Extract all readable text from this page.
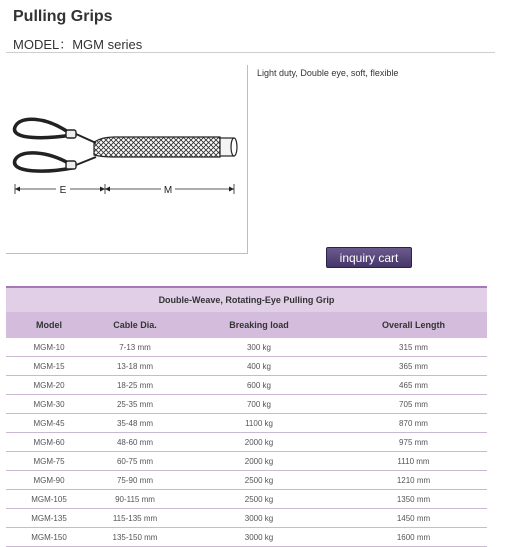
Pulling Grips
MODEL：MGM series
E	M
Light duty, Double eye, soft, flexible
inquiry cart
Double-Weave, Rotating-Eye Pulling Grip			
Model	Cable Dia.	Breaking load	Overall Length
MGM-10	7-13 mm	300 kg	315 mm
MGM-15	13-18 mm	400 kg	365 mm
MGM-20	18-25 mm	600 kg	465 mm
MGM-30	25-35 mm	700 kg	705 mm
MGM-45	35-48 mm	1100 kg	870 mm
MGM-60	48-60 mm	2000 kg	975 mm
MGM-75	60-75 mm	2000 kg	1110 mm
MGM-90	75-90 mm	2500 kg	1210 mm
MGM-105	90-115 mm	2500 kg	1350 mm
MGM-135	115-135 mm	3000 kg	1450 mm
MGM-150	135-150 mm	3000 kg	1600 mm
